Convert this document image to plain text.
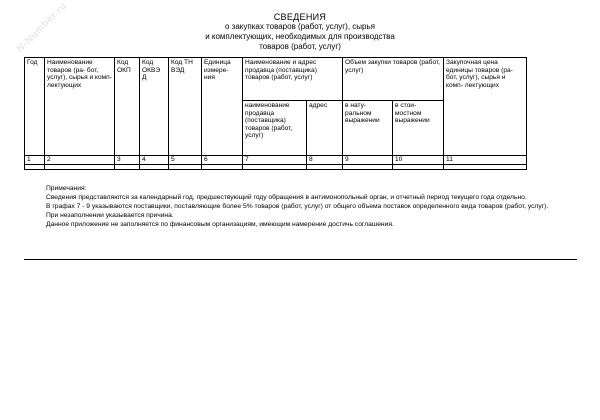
N-Number.ru	СВЕДЕНИЯ
о закупках товаров (работ, услуг), сырья
и комплектующих, необходимых для производства
товаров (работ, услуг)
Год	Наименование товаров (ра- бот, услуг), сырья и комп- лектующих	Код ОКП	Код ОКВЭ Д	Код ТН ВЭД	Единица измере- ния	Наименование и адрес продавца (поставщика) товаров (работ, услуг)		Объем закупки товаров (работ, услуг)		Закупочная цена единицы товаров (ра- бот, услуг), сырья и комп- лектующих
						наименование продавца (поставщика) товаров (работ, услуг)	адрес	в нату- ральном выражении	в стои- мостном выражении	
1	2	3	4	5	6	7	8	9	10	11

Примечания:

Сведения представляются за календарный год, предшествующий году обращения в антимонопольный орган, и отчетный период текущего года отдельно.

В графах 7 - 9 указываются поставщики, поставляющие более 5% товаров (работ, услуг) от общего объема поставок определенного вида товаров (работ, услуг).

При незаполнении указывается причина.

Данное приложение не заполняется по финансовым организациям, имеющим намерение достичь соглашения.
